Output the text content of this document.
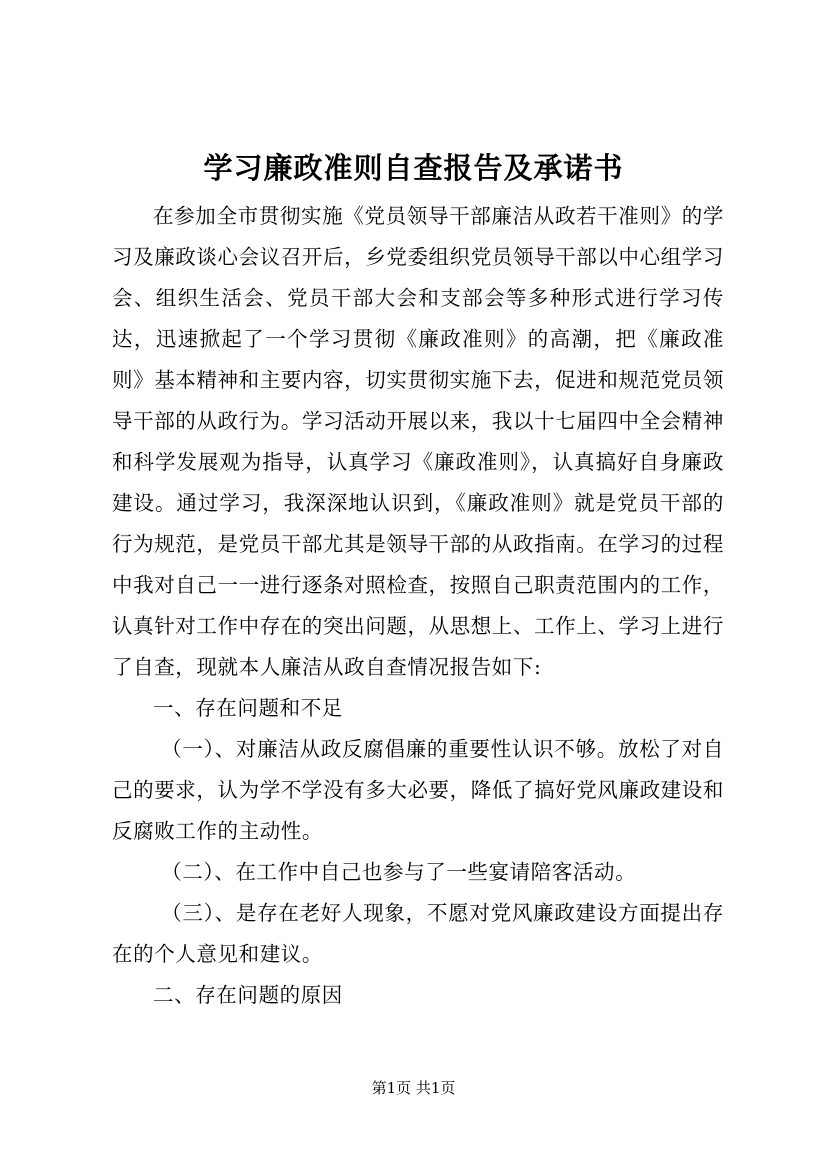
学习廉政准则自查报告及承诺书

在参加全市贯彻实施《党员领导干部廉洁从政若干准则》的学习及廉政谈心会议召开后，乡党委组织党员领导干部以中心组学习会、组织生活会、党员干部大会和支部会等多种形式进行学习传达，迅速掀起了一个学习贯彻《廉政准则》的高潮，把《廉政准则》基本精神和主要内容，切实贯彻实施下去，促进和规范党员领导干部的从政行为。学习活动开展以来，我以十七届四中全会精神和科学发展观为指导，认真学习《廉政准则》，认真搞好自身廉政建设。通过学习，我深深地认识到，《廉政准则》就是党员干部的行为规范，是党员干部尤其是领导干部的从政指南。在学习的过程中我对自己一一进行逐条对照检查，按照自己职责范围内的工作，认真针对工作中存在的突出问题，从思想上、工作上、学习上进行了自查，现就本人廉洁从政自查情况报告如下:

一、存在问题和不足

（一）、对廉洁从政反腐倡廉的重要性认识不够。放松了对自己的要求，认为学不学没有多大必要，降低了搞好党风廉政建设和反腐败工作的主动性。

（二）、在工作中自己也参与了一些宴请陪客活动。

（三）、是存在老好人现象，不愿对党风廉政建设方面提出存在的个人意见和建议。

二、存在问题的原因

第1页 共1页
